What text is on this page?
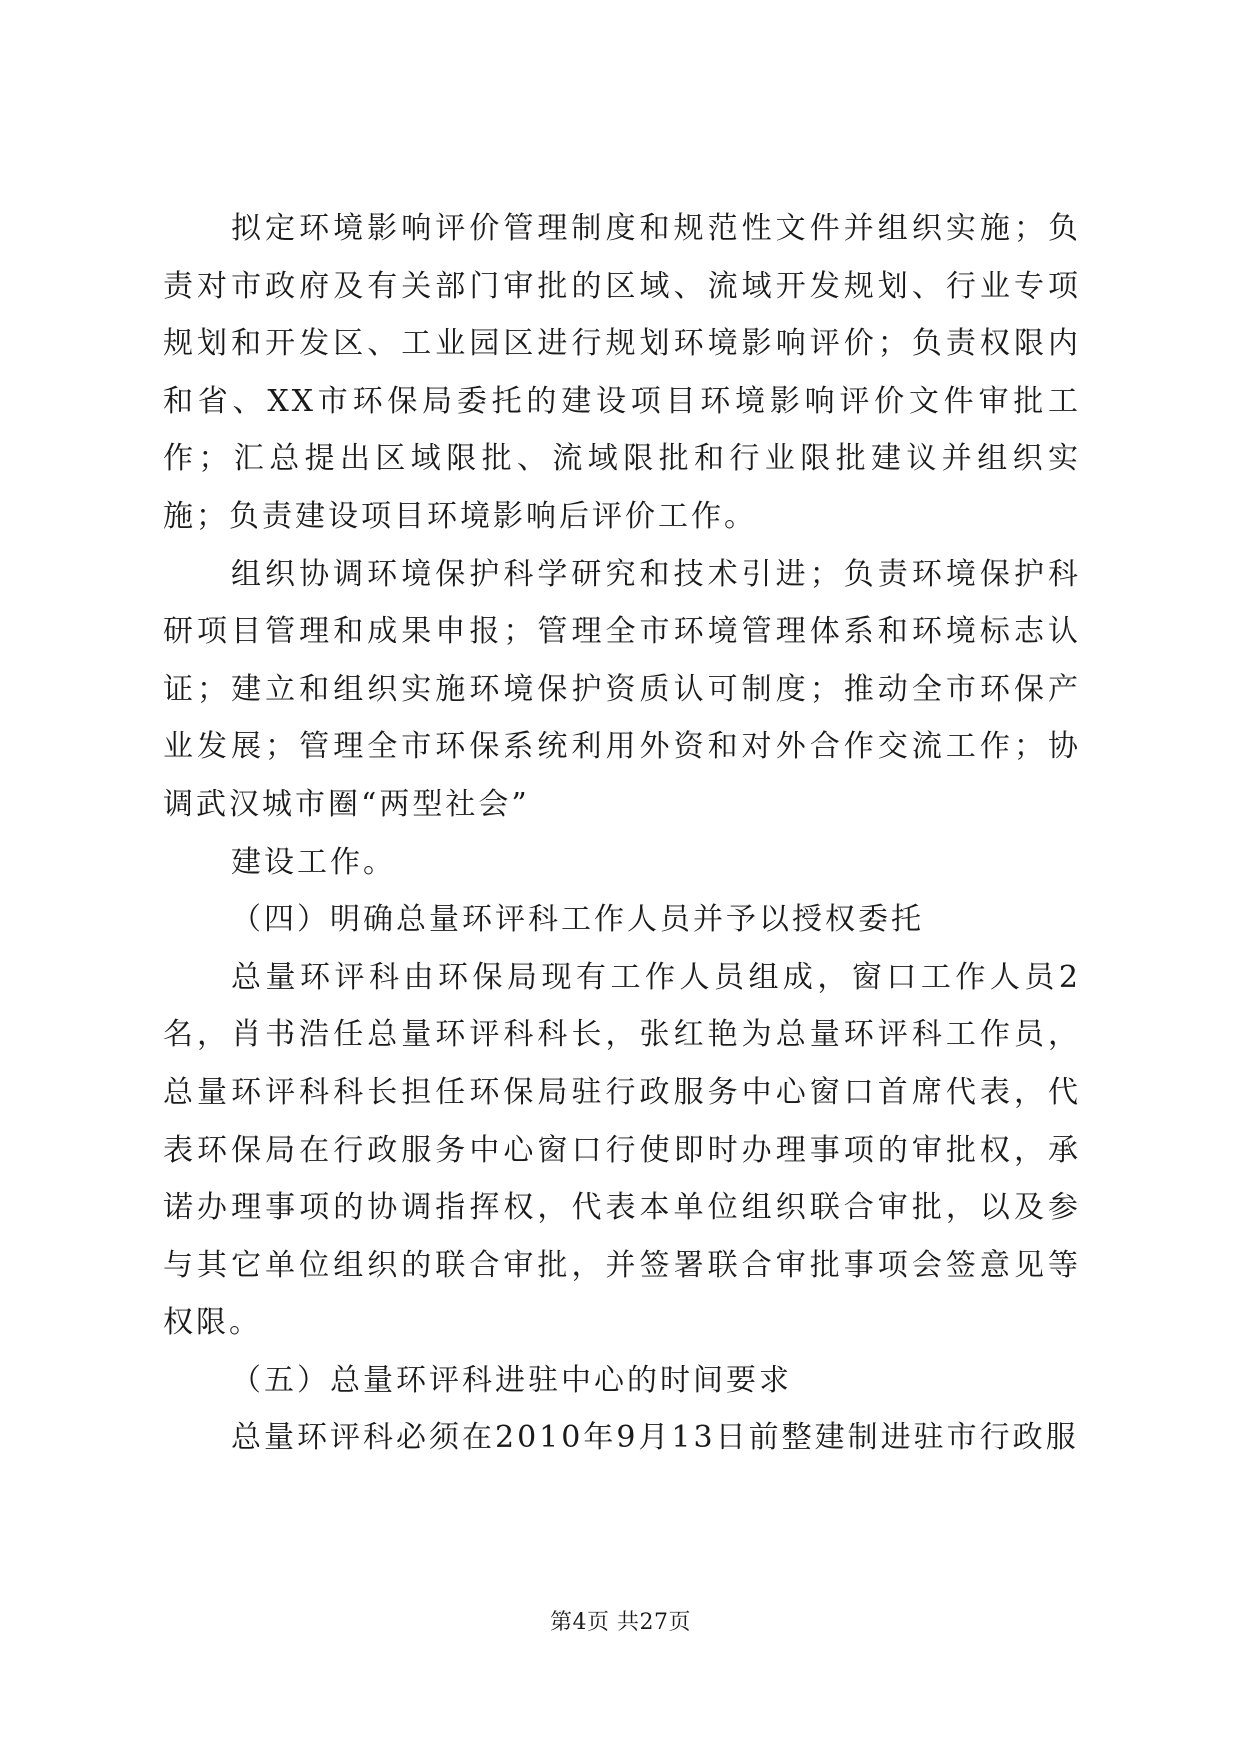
拟定环境影响评价管理制度和规范性文件并组织实施；负责对市政府及有关部门审批的区域、流域开发规划、行业专项规划和开发区、工业园区进行规划环境影响评价；负责权限内和省、XX市环保局委托的建设项目环境影响评价文件审批工作；汇总提出区域限批、流域限批和行业限批建议并组织实施；负责建设项目环境影响后评价工作。

组织协调环境保护科学研究和技术引进；负责环境保护科研项目管理和成果申报；管理全市环境管理体系和环境标志认证；建立和组织实施环境保护资质认可制度；推动全市环保产业发展；管理全市环保系统利用外资和对外合作交流工作；协调武汉城市圈“两型社会”

建设工作。

（四）明确总量环评科工作人员并予以授权委托

总量环评科由环保局现有工作人员组成，窗口工作人员2名，肖书浩任总量环评科科长，张红艳为总量环评科工作员，总量环评科科长担任环保局驻行政服务中心窗口首席代表，代表环保局在行政服务中心窗口行使即时办理事项的审批权，承诺办理事项的协调指挥权，代表本单位组织联合审批，以及参与其它单位组织的联合审批，并签署联合审批事项会签意见等权限。

（五）总量环评科进驻中心的时间要求

总量环评科必须在2010年9月13日前整建制进驻市行政服

第4页 共27页
